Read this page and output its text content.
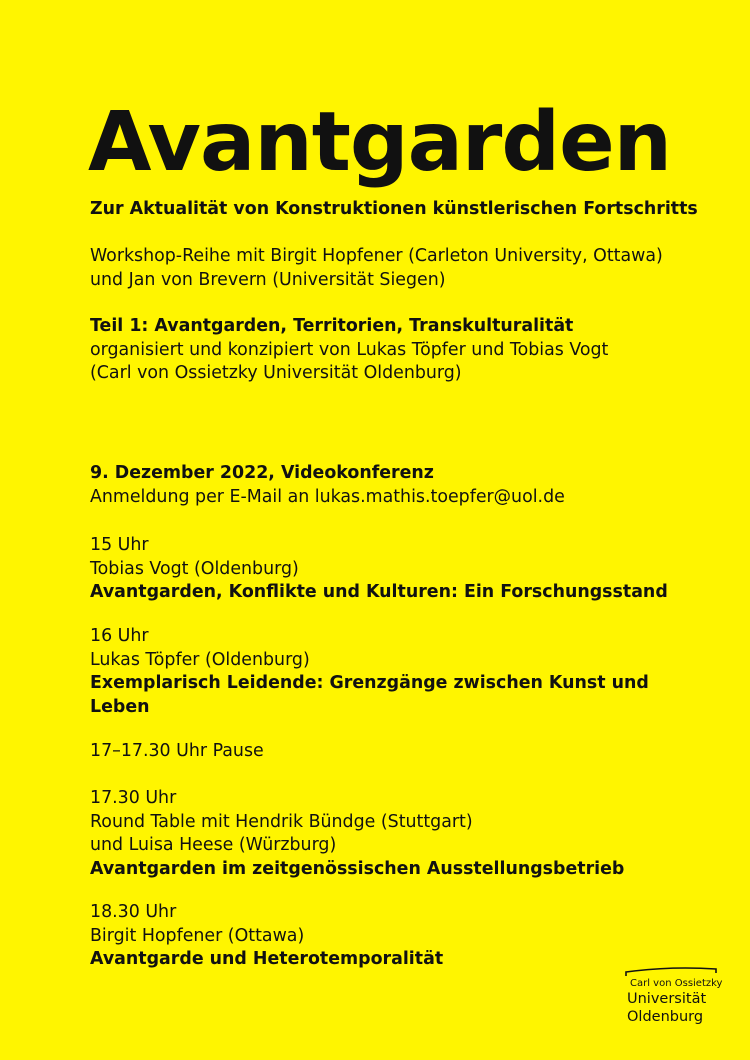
Avantgarden
Zur Aktualität von Konstruktionen künstlerischen Fortschritts
Workshop-Reihe mit Birgit Hopfener (Carleton University, Ottawa)
und Jan von Brevern (Universität Siegen)
Teil 1: Avantgarden, Territorien, Transkulturalität
organisiert und konzipiert von Lukas Töpfer und Tobias Vogt
(Carl von Ossietzky Universität Oldenburg)
9. Dezember 2022, Videokonferenz
Anmeldung per E-Mail an lukas.mathis.toepfer@uol.de
15 Uhr
Tobias Vogt (Oldenburg)
Avantgarden, Konflikte und Kulturen: Ein Forschungsstand
16 Uhr
Lukas Töpfer (Oldenburg)
Exemplarisch Leidende: Grenzgänge zwischen Kunst und
Leben
17–17.30 Uhr Pause
17.30 Uhr
Round Table mit Hendrik Bündge (Stuttgart)
und Luisa Heese (Würzburg)
Avantgarden im zeitgenössischen Ausstellungsbetrieb
18.30 Uhr
Birgit Hopfener (Ottawa)
Avantgarde und Heterotemporalität
Carl von Ossietzky
Universität
Oldenburg
